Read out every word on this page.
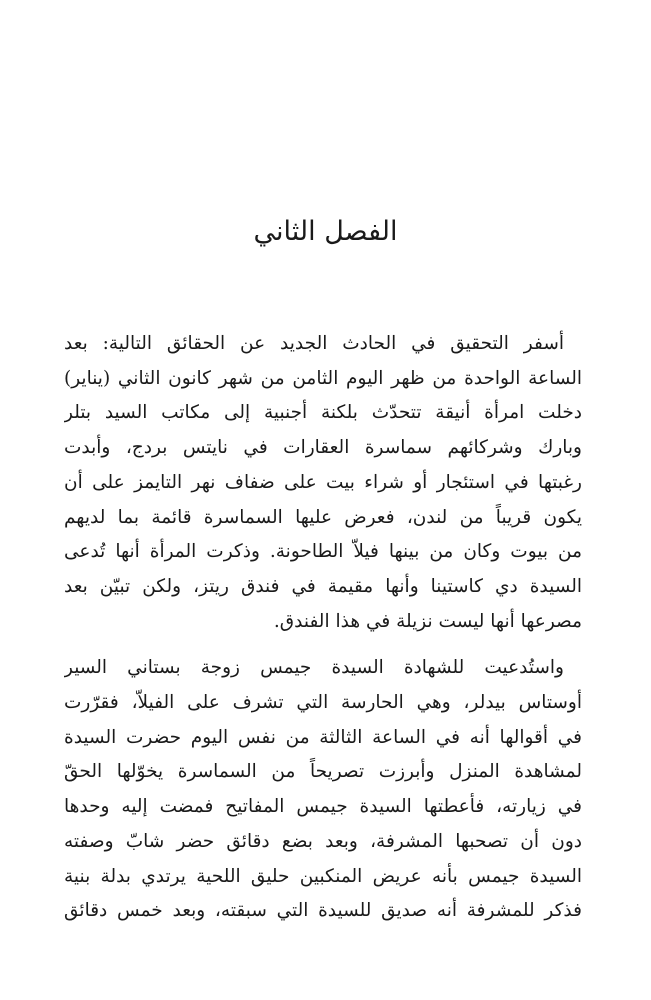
الفصل الثاني

أسفر التحقيق في الحادث الجديد عن الحقائق التالية: بعد
الساعة الواحدة من ظهر اليوم الثامن من شهر كانون الثاني (يناير)
دخلت امرأة أنيقة تتحدّث بلكنة أجنبية إلى مكاتب السيد بتلر
وبارك وشركائهم سماسرة العقارات في نايتس بردج، وأبدت
رغبتها في استئجار أو شراء بيت على ضفاف نهر التايمز على أن
يكون قريباً من لندن، فعرض عليها السماسرة قائمة بما لديهم
من بيوت وكان من بينها فيلاّ الطاحونة. وذكرت المرأة أنها تُدعى
السيدة دي كاستينا وأنها مقيمة في فندق ريتز، ولكن تبيّن بعد
مصرعها أنها ليست نزيلة في هذا الفندق.

واستُدعيت للشهادة السيدة جيمس زوجة بستاني السير
أوستاس بيدلر، وهي الحارسة التي تشرف على الفيلاّ، فقرّرت
في أقوالها أنه في الساعة الثالثة من نفس اليوم حضرت السيدة
لمشاهدة المنزل وأبرزت تصريحاً من السماسرة يخوّلها الحقّ
في زيارته، فأعطتها السيدة جيمس المفاتيح فمضت إليه وحدها
دون أن تصحبها المشرفة، وبعد بضع دقائق حضر شابّ وصفته
السيدة جيمس بأنه عريض المنكبين حليق اللحية يرتدي بدلة بنية
فذكر للمشرفة أنه صديق للسيدة التي سبقته، وبعد خمس دقائق
